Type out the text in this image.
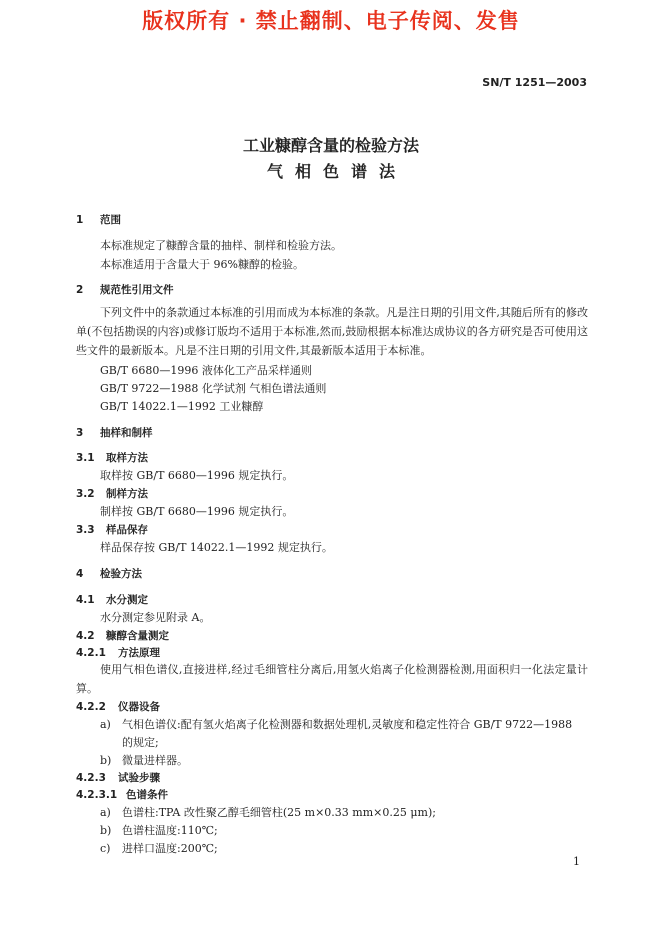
版权所有 · 禁止翻制、电子传阅、发售
SN/T 1251—2003
工业糠醇含量的检验方法
气相色谱法
1 范围
本标准规定了糠醇含量的抽样、制样和检验方法。
本标准适用于含量大于 96%糠醇的检验。
2 规范性引用文件
下列文件中的条款通过本标准的引用而成为本标准的条款。凡是注日期的引用文件,其随后所有的修改单(不包括勘误的内容)或修订版均不适用于本标准,然而,鼓励根据本标准达成协议的各方研究是否可使用这些文件的最新版本。凡是不注日期的引用文件,其最新版本适用于本标准。
GB/T 6680—1996 液体化工产品采样通则
GB/T 9722—1988 化学试剂 气相色谱法通则
GB/T 14022.1—1992 工业糠醇
3 抽样和制样
3.1 取样方法
取样按 GB/T 6680—1996 规定执行。
3.2 制样方法
制样按 GB/T 6680—1996 规定执行。
3.3 样品保存
样品保存按 GB/T 14022.1—1992 规定执行。
4 检验方法
4.1 水分测定
水分测定参见附录 A。
4.2 糠醇含量测定
4.2.1 方法原理
使用气相色谱仪,直接进样,经过毛细管柱分离后,用氢火焰离子化检测器检测,用面积归一化法定量计算。
4.2.2 仪器设备
a) 气相色谱仪:配有氢火焰离子化检测器和数据处理机,灵敏度和稳定性符合 GB/T 9722—1988
的规定;
b) 微量进样器。
4.2.3 试验步骤
4.2.3.1 色谱条件
a) 色谱柱:TPA 改性聚乙醇毛细管柱(25 m×0.33 mm×0.25 μm);
b) 色谱柱温度:110℃;
c) 进样口温度:200℃;
1
